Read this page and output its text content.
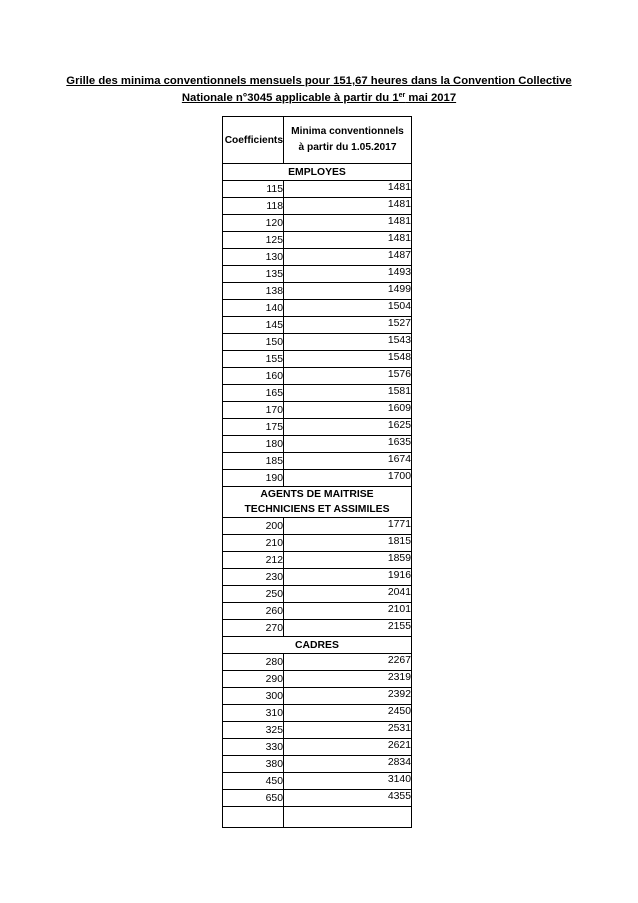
Grille des minima conventionnels mensuels pour 151,67 heures dans la Convention Collective
Nationale n°3045 applicable à partir du 1er mai 2017
Coefficients	Minima conventionnels
à partir du 1.05.2017

EMPLOYES	

115	1481
118	1481
120	1481
125	1481
130	1487
135	1493
138	1499
140	1504
145	1527
150	1543
155	1548
160	1576
165	1581
170	1609
175	1625
180	1635
185	1674
190	1700

AGENTS DE MAITRISE
TECHNICIENS ET ASSIMILES	

200	1771
210	1815
212	1859
230	1916
250	2041
260	2101
270	2155

CADRES	

280	2267
290	2319
300	2392
310	2450
325	2531
330	2621
380	2834
450	3140
650	4355
